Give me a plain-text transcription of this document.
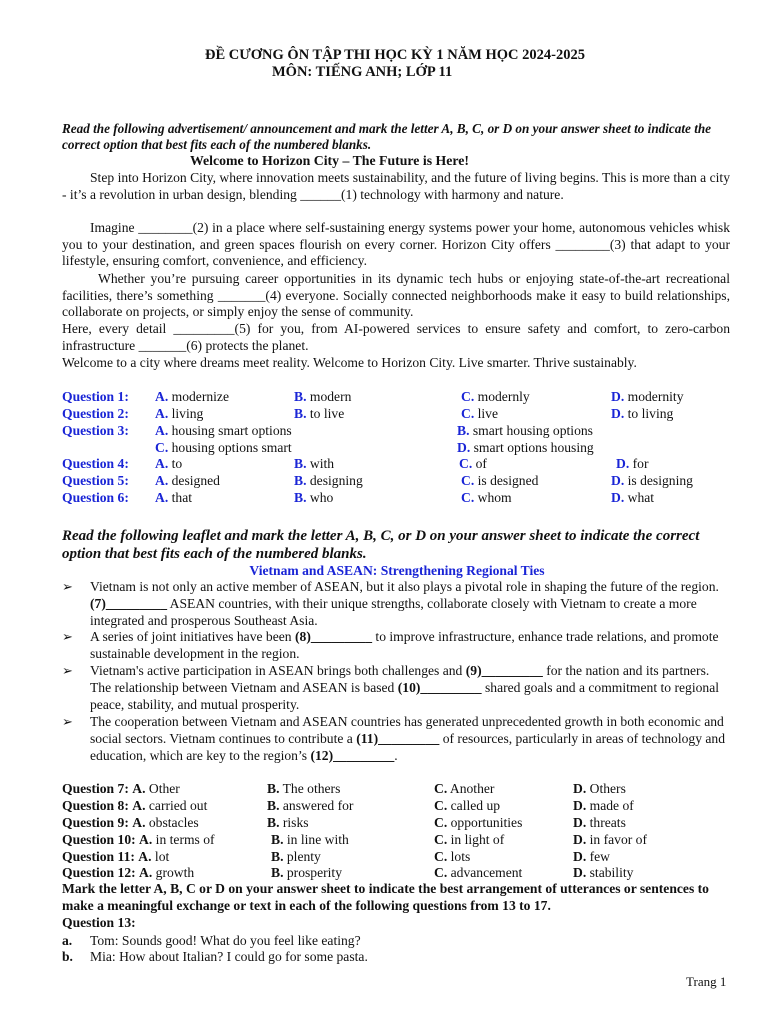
ĐỀ CƯƠNG ÔN TẬP THI HỌC KỲ 1 NĂM HỌC 2024-2025
MÔN: TIẾNG ANH; LỚP 11
Read the following advertisement/ announcement and mark the letter A, B, C, or D on your answer sheet to indicate the correct option that best fits each of the numbered blanks.
Welcome to Horizon City – The Future is Here!
Step into Horizon City, where innovation meets sustainability, and the future of living begins. This is more than a city - it’s a revolution in urban design, blending ______(1) technology with harmony and nature.
Imagine ________(2) in a place where self-sustaining energy systems power your home, autonomous vehicles whisk you to your destination, and green spaces flourish on every corner. Horizon City offers ________(3) that adapt to your lifestyle, ensuring comfort, convenience, and efficiency.
Whether you’re pursuing career opportunities in its dynamic tech hubs or enjoying state-of-the-art recreational facilities, there’s something _______(4) everyone. Socially connected neighborhoods make it easy to build relationships, collaborate on projects, or simply enjoy the sense of community.
Here, every detail _________(5) for you, from AI-powered services to ensure safety and comfort, to zero-carbon infrastructure _______(6) protects the planet.
Welcome to a city where dreams meet reality. Welcome to Horizon City. Live smarter. Thrive sustainably.
Question 1: A. modernize	B. modern	C. modernly	D. modernity
Question 2: A. living	B. to live	C. live	D. to living
Question 3: A. housing smart options	B. smart housing options
C. housing options smart	D. smart options housing
Question 4: A. to	B. with	C. of	D. for
Question 5: A. designed	B. designing	C. is designed	D. is designing
Question 6: A. that	B. who	C. whom	D. what
Read the following leaflet and mark the letter A, B, C, or D on your answer sheet to indicate the correct option that best fits each of the numbered blanks.
Vietnam and ASEAN: Strengthening Regional Ties
➢ Vietnam is not only an active member of ASEAN, but it also plays a pivotal role in shaping the future of the region. (7)_________ ASEAN countries, with their unique strengths, collaborate closely with Vietnam to create a more integrated and prosperous Southeast Asia.
➢ A series of joint initiatives have been (8)_________ to improve infrastructure, enhance trade relations, and promote sustainable development in the region.
➢ Vietnam's active participation in ASEAN brings both challenges and (9)_________ for the nation and its partners. The relationship between Vietnam and ASEAN is based (10)_________ shared goals and a commitment to regional peace, stability, and mutual prosperity.
➢ The cooperation between Vietnam and ASEAN countries has generated unprecedented growth in both economic and social sectors. Vietnam continues to contribute a (11)_________ of resources, particularly in areas of technology and education, which are key to the region’s (12)_________.
Question 7: A. Other	B. The others	C. Another	D. Others
Question 8: A. carried out	B. answered for	C. called up	D. made of
Question 9: A. obstacles	B. risks	C. opportunities	D. threats
Question 10: A. in terms of	B. in line with	C. in light of	D. in favor of
Question 11: A. lot	B. plenty	C. lots	D. few
Question 12: A. growth	B. prosperity	C. advancement	D. stability
Mark the letter A, B, C or D on your answer sheet to indicate the best arrangement of utterances or sentences to make a meaningful exchange or text in each of the following questions from 13 to 17.
Question 13:
a. Tom: Sounds good! What do you feel like eating?
b. Mia: How about Italian? I could go for some pasta.
Trang 1
